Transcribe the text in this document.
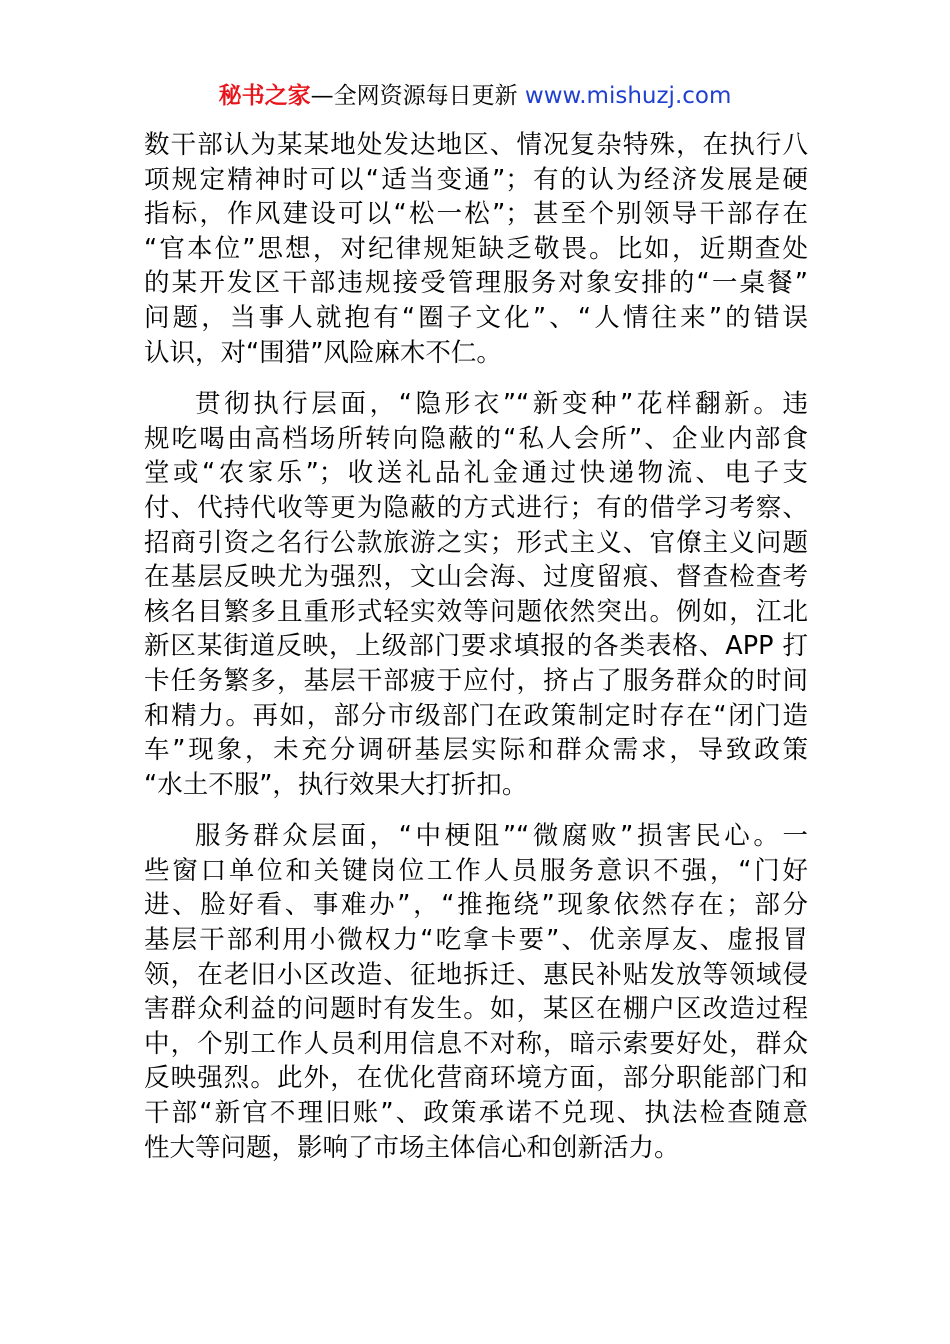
秘书之家—全网资源每日更新 www.mishuzj.com

数干部认为某某地处发达地区、情况复杂特殊，在执行八
项规定精神时可以“适当变通”；有的认为经济发展是硬
指标，作风建设可以“松一松”；甚至个别领导干部存在
“官本位”思想，对纪律规矩缺乏敬畏。比如，近期查处
的某开发区干部违规接受管理服务对象安排的“一桌餐”
问题，当事人就抱有“圈子文化”、“人情往来”的错误
认识，对“围猎”风险麻木不仁。

贯彻执行层面，“隐形衣”“新变种”花样翻新。违
规吃喝由高档场所转向隐蔽的“私人会所”、企业内部食
堂或“农家乐”；收送礼品礼金通过快递物流、电子支
付、代持代收等更为隐蔽的方式进行；有的借学习考察、
招商引资之名行公款旅游之实；形式主义、官僚主义问题
在基层反映尤为强烈，文山会海、过度留痕、督查检查考
核名目繁多且重形式轻实效等问题依然突出。例如，江北
新区某街道反映，上级部门要求填报的各类表格、APP 打
卡任务繁多，基层干部疲于应付，挤占了服务群众的时间
和精力。再如，部分市级部门在政策制定时存在“闭门造
车”现象，未充分调研基层实际和群众需求，导致政策
“水土不服”，执行效果大打折扣。

服务群众层面，“中梗阻”“微腐败”损害民心。一
些窗口单位和关键岗位工作人员服务意识不强，“门好
进、脸好看、事难办”，“推拖绕”现象依然存在；部分
基层干部利用小微权力“吃拿卡要”、优亲厚友、虚报冒
领，在老旧小区改造、征地拆迁、惠民补贴发放等领域侵
害群众利益的问题时有发生。如，某区在棚户区改造过程
中，个别工作人员利用信息不对称，暗示索要好处，群众
反映强烈。此外，在优化营商环境方面，部分职能部门和
干部“新官不理旧账”、政策承诺不兑现、执法检查随意
性大等问题，影响了市场主体信心和创新活力。
